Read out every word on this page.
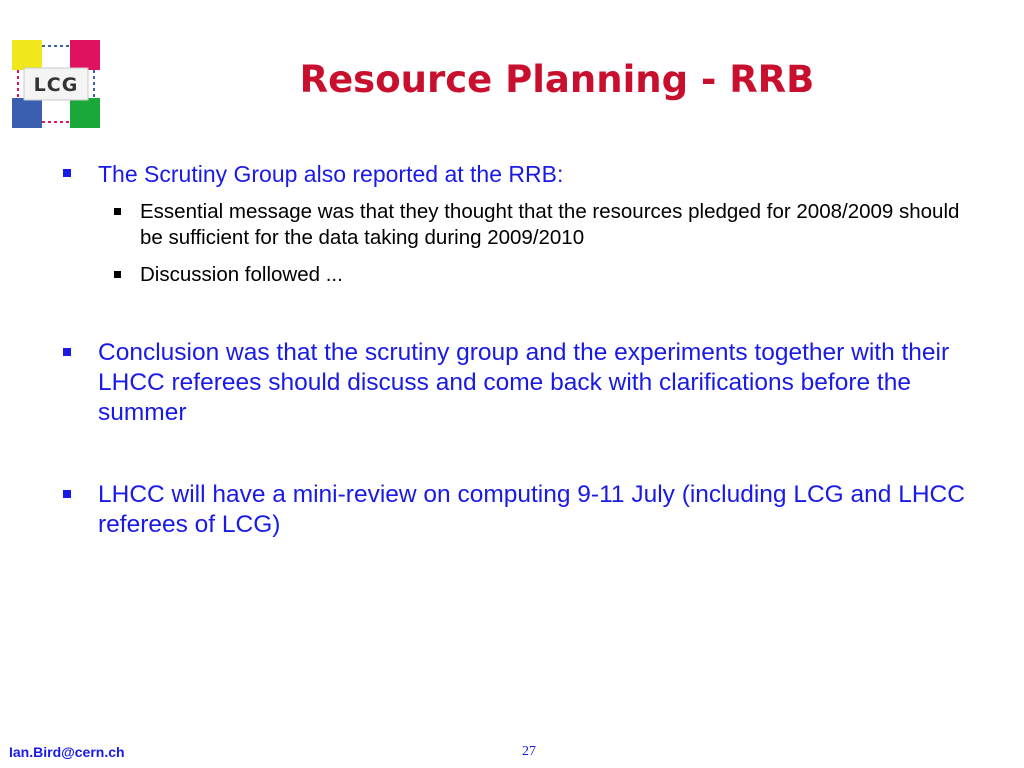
LCG	Resource Planning - RRB
The Scrutiny Group also reported at the RRB:
Essential message was that they thought that the resources pledged for 2008/2009 should be sufficient for the data taking during 2009/2010
Discussion followed ...
Conclusion was that the scrutiny group and the experiments together with their LHCC referees should discuss and come back with clarifications before the summer
LHCC will have a mini-review on computing 9-11 July (including LCG and LHCC referees of LCG)
Ian.Bird@cern.ch	27
